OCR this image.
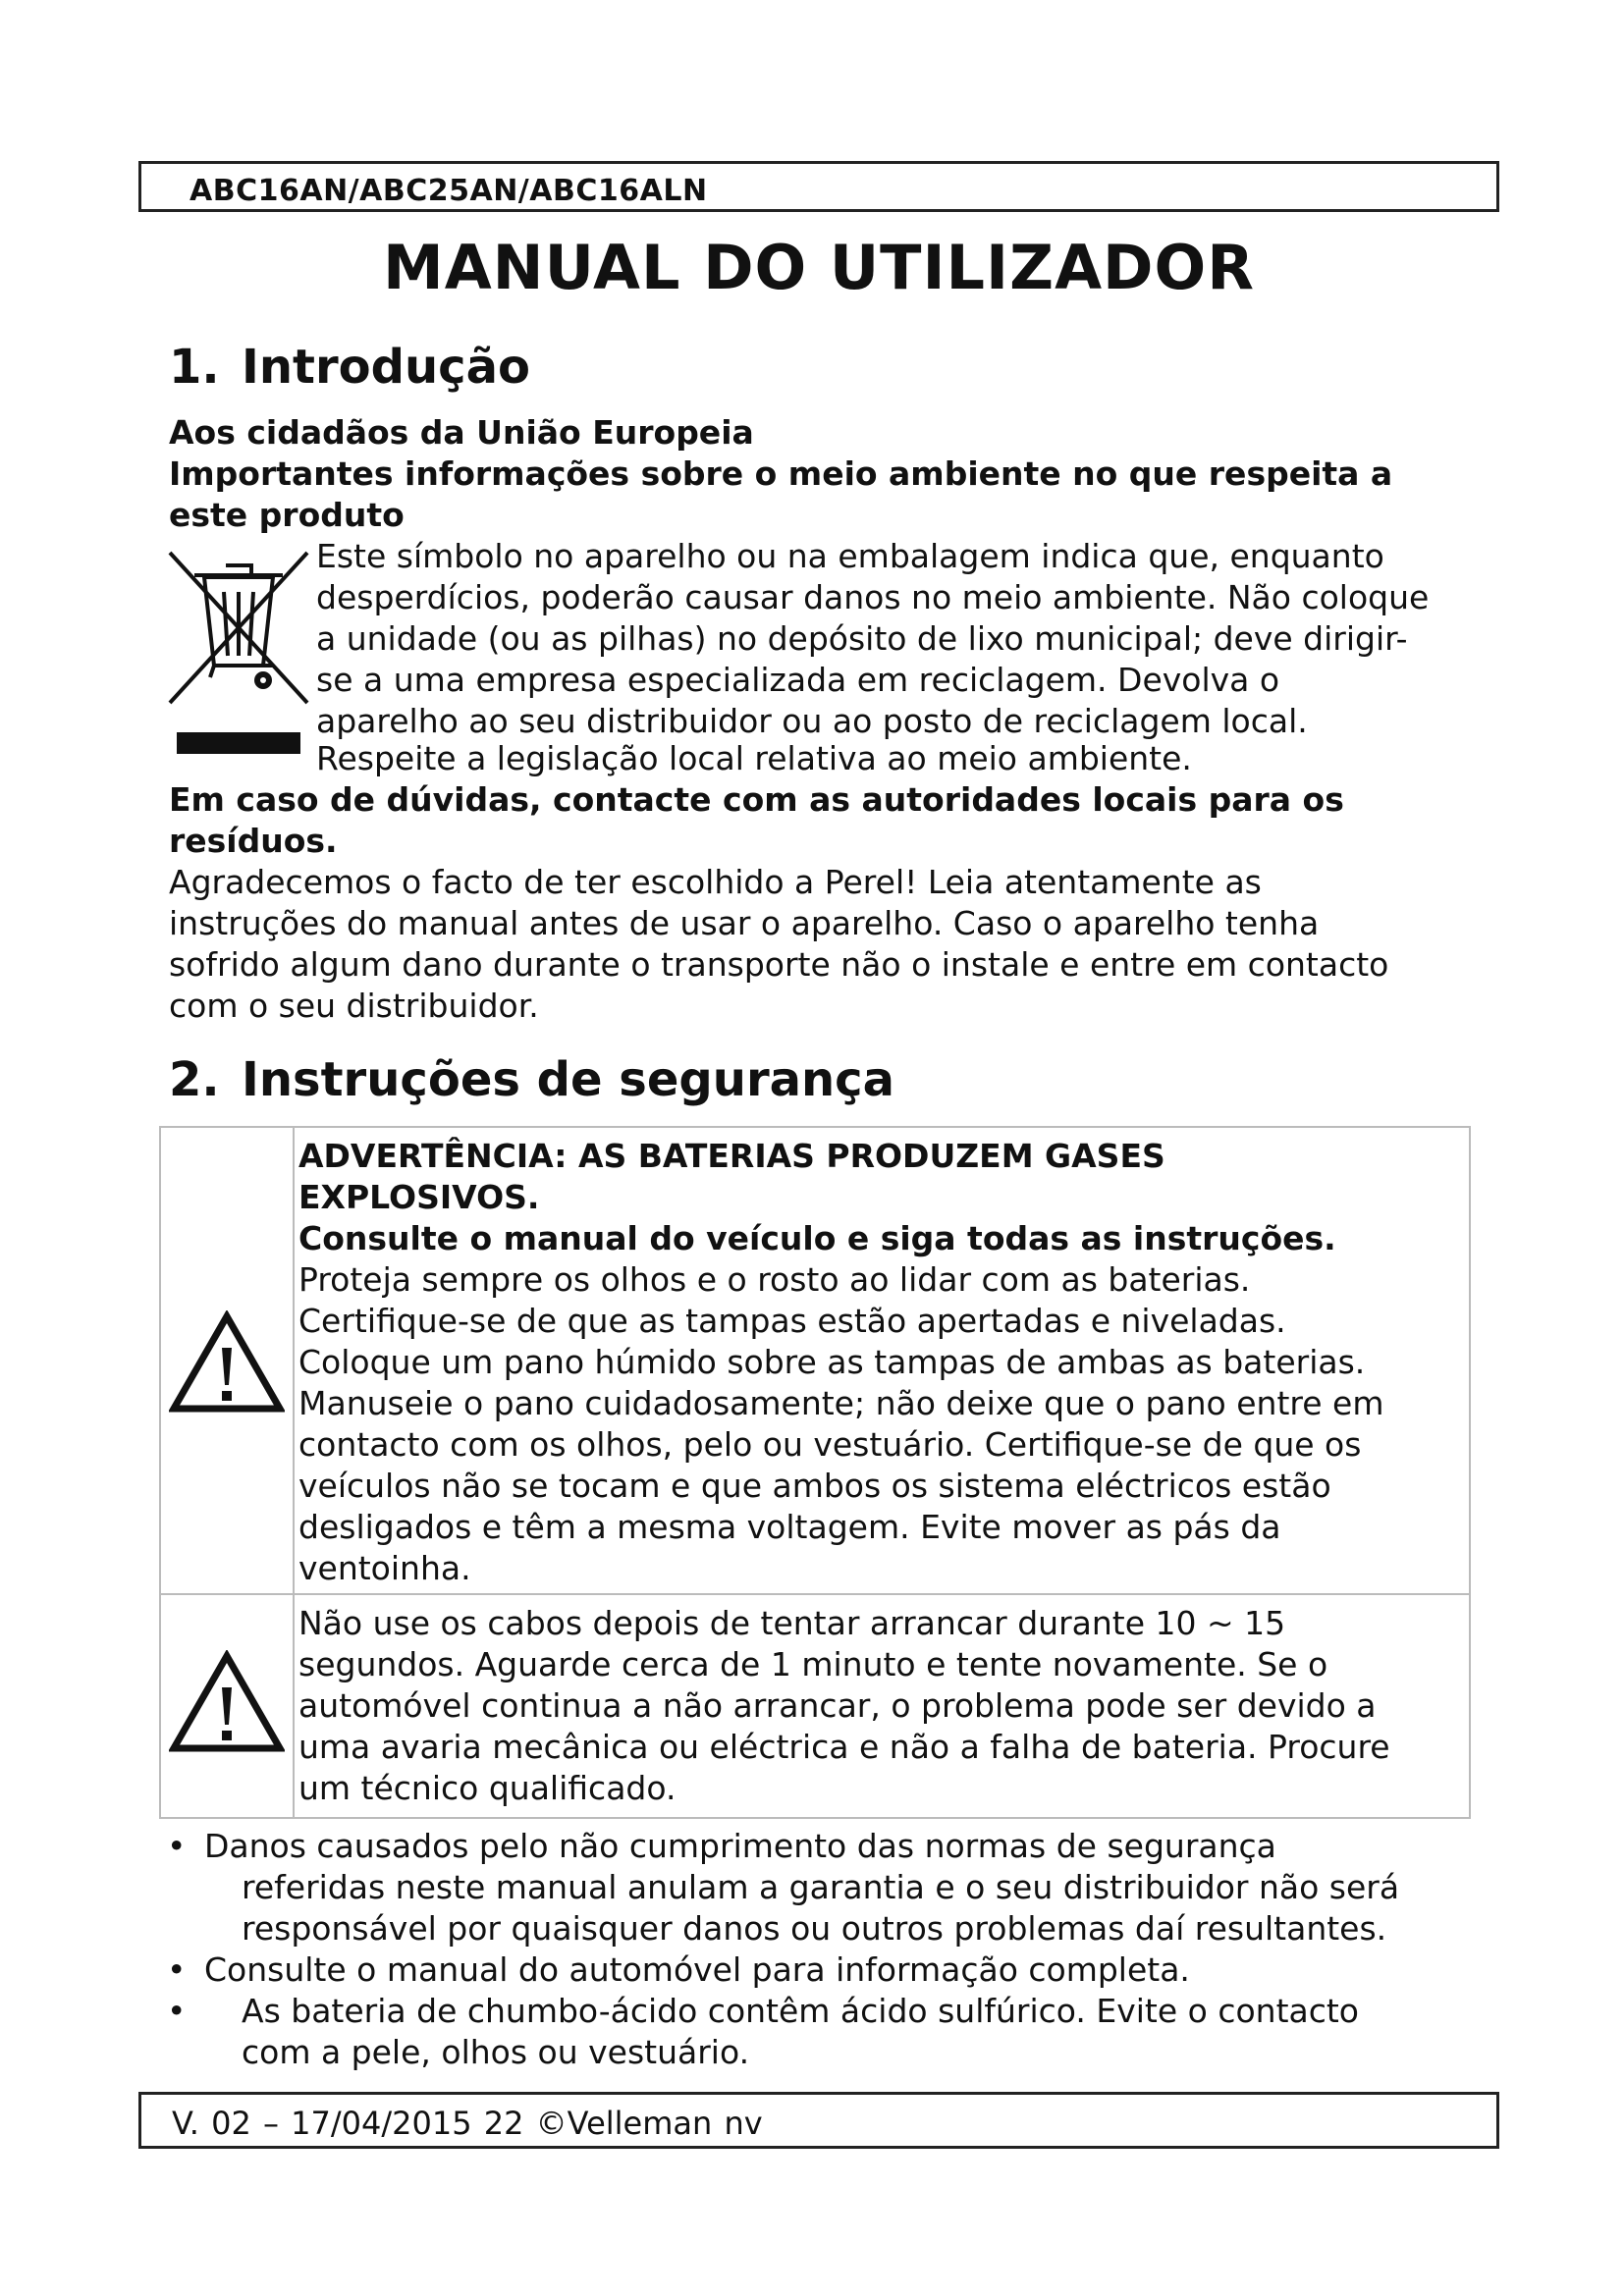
ABC16AN/ABC25AN/ABC16ALN
MANUAL DO UTILIZADOR
1. Introdução

Aos cidadãos da União Europeia

Importantes informações sobre o meio ambiente no que respeita a

este produto

Este símbolo no aparelho ou na embalagem indica que, enquanto

desperdícios, poderão causar danos no meio ambiente. Não coloque

a unidade (ou as pilhas) no depósito de lixo municipal; deve dirigir-

se a uma empresa especializada em reciclagem. Devolva o

aparelho ao seu distribuidor ou ao posto de reciclagem local.

Respeite a legislação local relativa ao meio ambiente.

Em caso de dúvidas, contacte com as autoridades locais para os

resíduos.

Agradecemos o facto de ter escolhido a Perel! Leia atentamente as

instruções do manual antes de usar o aparelho. Caso o aparelho tenha

sofrido algum dano durante o transporte não o instale e entre em contacto

com o seu distribuidor.

2. Instruções de segurança

ADVERTÊNCIA: AS BATERIAS PRODUZEM GASES

EXPLOSIVOS.

Consulte o manual do veículo e siga todas as instruções.

Proteja sempre os olhos e o rosto ao lidar com as baterias.

Certifique-se de que as tampas estão apertadas e niveladas.

Coloque um pano húmido sobre as tampas de ambas as baterias.

Manuseie o pano cuidadosamente; não deixe que o pano entre em

contacto com os olhos, pelo ou vestuário. Certifique-se de que os

veículos não se tocam e que ambos os sistema eléctricos estão

desligados e têm a mesma voltagem. Evite mover as pás da

ventoinha.

Não use os cabos depois de tentar arrancar durante 10 ~ 15

segundos. Aguarde cerca de 1 minuto e tente novamente. Se o

automóvel continua a não arrancar, o problema pode ser devido a

uma avaria mecânica ou eléctrica e não a falha de bateria. Procure

um técnico qualificado.

• Danos causados pelo não cumprimento das normas de segurança
referidas neste manual anulam a garantia e o seu distribuidor não será
responsável por quaisquer danos ou outros problemas daí resultantes.
• Consulte o manual do automóvel para informação completa.
• As bateria de chumbo-ácido contêm ácido sulfúrico. Evite o contacto
com a pele, olhos ou vestuário.
V. 02 – 17/04/2015 22 ©Velleman nv
